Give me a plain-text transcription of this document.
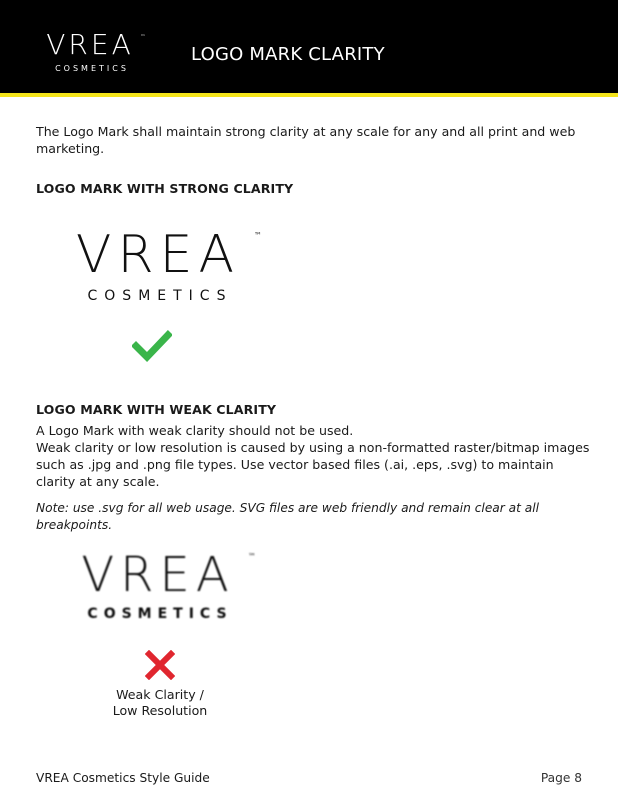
VREA ™
COSMETICS
LOGO MARK CLARITY
The Logo Mark shall maintain strong clarity at any scale for any and all print and web marketing.
LOGO MARK WITH STRONG CLARITY
VREA ™
COSMETICS
LOGO MARK WITH WEAK CLARITY

A Logo Mark with weak clarity should not be used.

Weak clarity or low resolution is caused by using a non-formatted raster/bitmap images such as .jpg and .png file types. Use vector based files (.ai, .eps, .svg) to maintain clarity at any scale.

Note: use .svg for all web usage. SVG files are web friendly and remain clear at all breakpoints.
VREA ™
COSMETICS
Weak Clarity / Low Resolution
VREA Cosmetics Style Guide	Page 8
